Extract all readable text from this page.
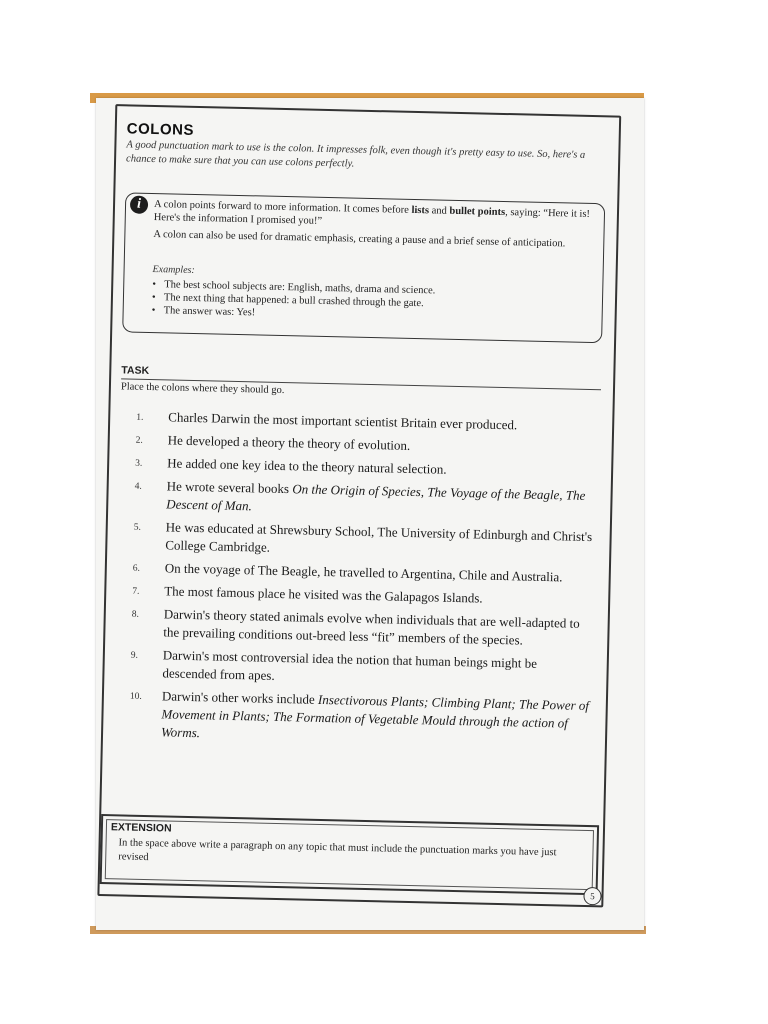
COLONS
A good punctuation mark to use is the colon. It impresses folk, even though it's pretty easy to use. So, here's a chance to make sure that you can use colons perfectly.
i	A colon points forward to more information. It comes before lists and bullet points, saying: “Here it is! Here's the information I promised you!”

A colon can also be used for dramatic emphasis, creating a pause and a brief sense of anticipation.

Examples:
• The best school subjects are: English, maths, drama and science.
• The next thing that happened: a bull crashed through the gate.
• The answer was: Yes!
TASK
Place the colons where they should go.
1. Charles Darwin the most important scientist Britain ever produced.
2. He developed a theory the theory of evolution.
3. He added one key idea to the theory natural selection.
4. He wrote several books On the Origin of Species, The Voyage of the Beagle, The Descent of Man.
5. He was educated at Shrewsbury School, The University of Edinburgh and Christ's College Cambridge.
6. On the voyage of The Beagle, he travelled to Argentina, Chile and Australia.
7. The most famous place he visited was the Galapagos Islands.
8. Darwin's theory stated animals evolve when individuals that are well-adapted to the prevailing conditions out-breed less “fit” members of the species.
9. Darwin's most controversial idea the notion that human beings might be descended from apes.
10. Darwin's other works include Insectivorous Plants; Climbing Plant; The Power of Movement in Plants; The Formation of Vegetable Mould through the action of Worms.
EXTENSION
In the space above write a paragraph on any topic that must include the punctuation marks you have just revised
5
